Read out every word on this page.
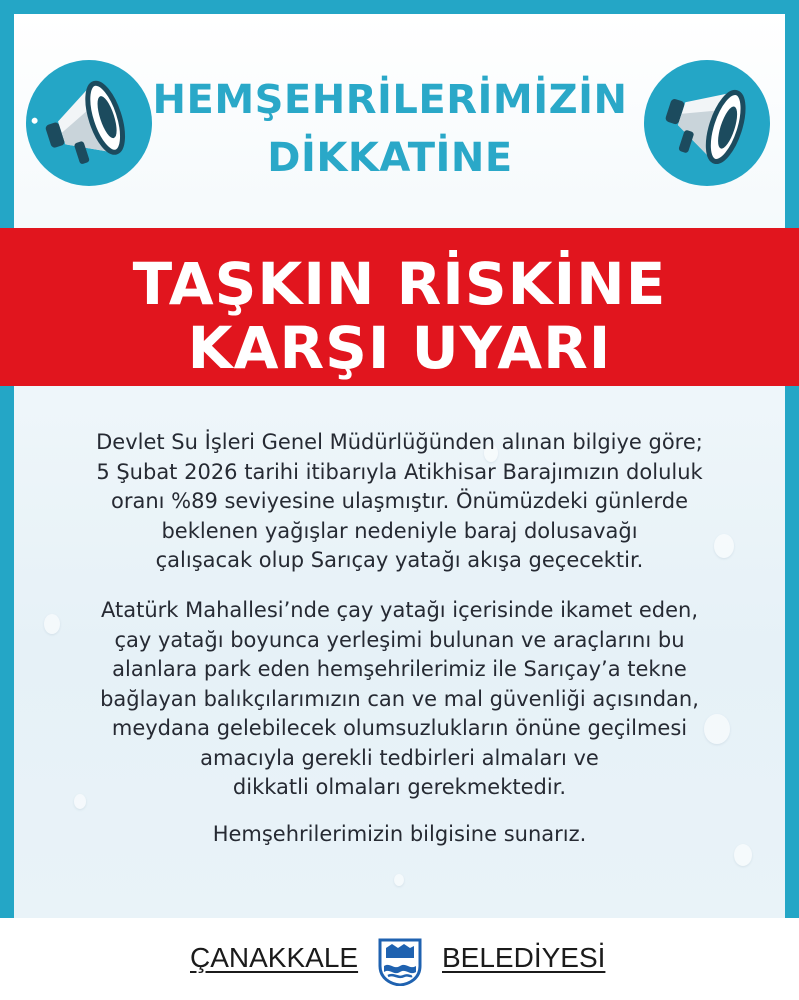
HEMŞEHRİLERİMİZİN
DİKKATİNE
TAŞKIN RİSKİNE
KARŞI UYARI
Devlet Su İşleri Genel Müdürlüğünden alınan bilgiye göre;
5 Şubat 2026 tarihi itibarıyla Atikhisar Barajımızın doluluk
oranı %89 seviyesine ulaşmıştır. Önümüzdeki günlerde
beklenen yağışlar nedeniyle baraj dolusavağı
çalışacak olup Sarıçay yatağı akışa geçecektir.
Atatürk Mahallesi’nde çay yatağı içerisinde ikamet eden,
çay yatağı boyunca yerleşimi bulunan ve araçlarını bu
alanlara park eden hemşehrilerimiz ile Sarıçay’a tekne
bağlayan balıkçılarımızın can ve mal güvenliği açısından,
meydana gelebilecek olumsuzlukların önüne geçilmesi
amacıyla gerekli tedbirleri almaları ve
dikkatli olmaları gerekmektedir.
Hemşehrilerimizin bilgisine sunarız.
ÇANAKKALE	BELEDİYESİ
